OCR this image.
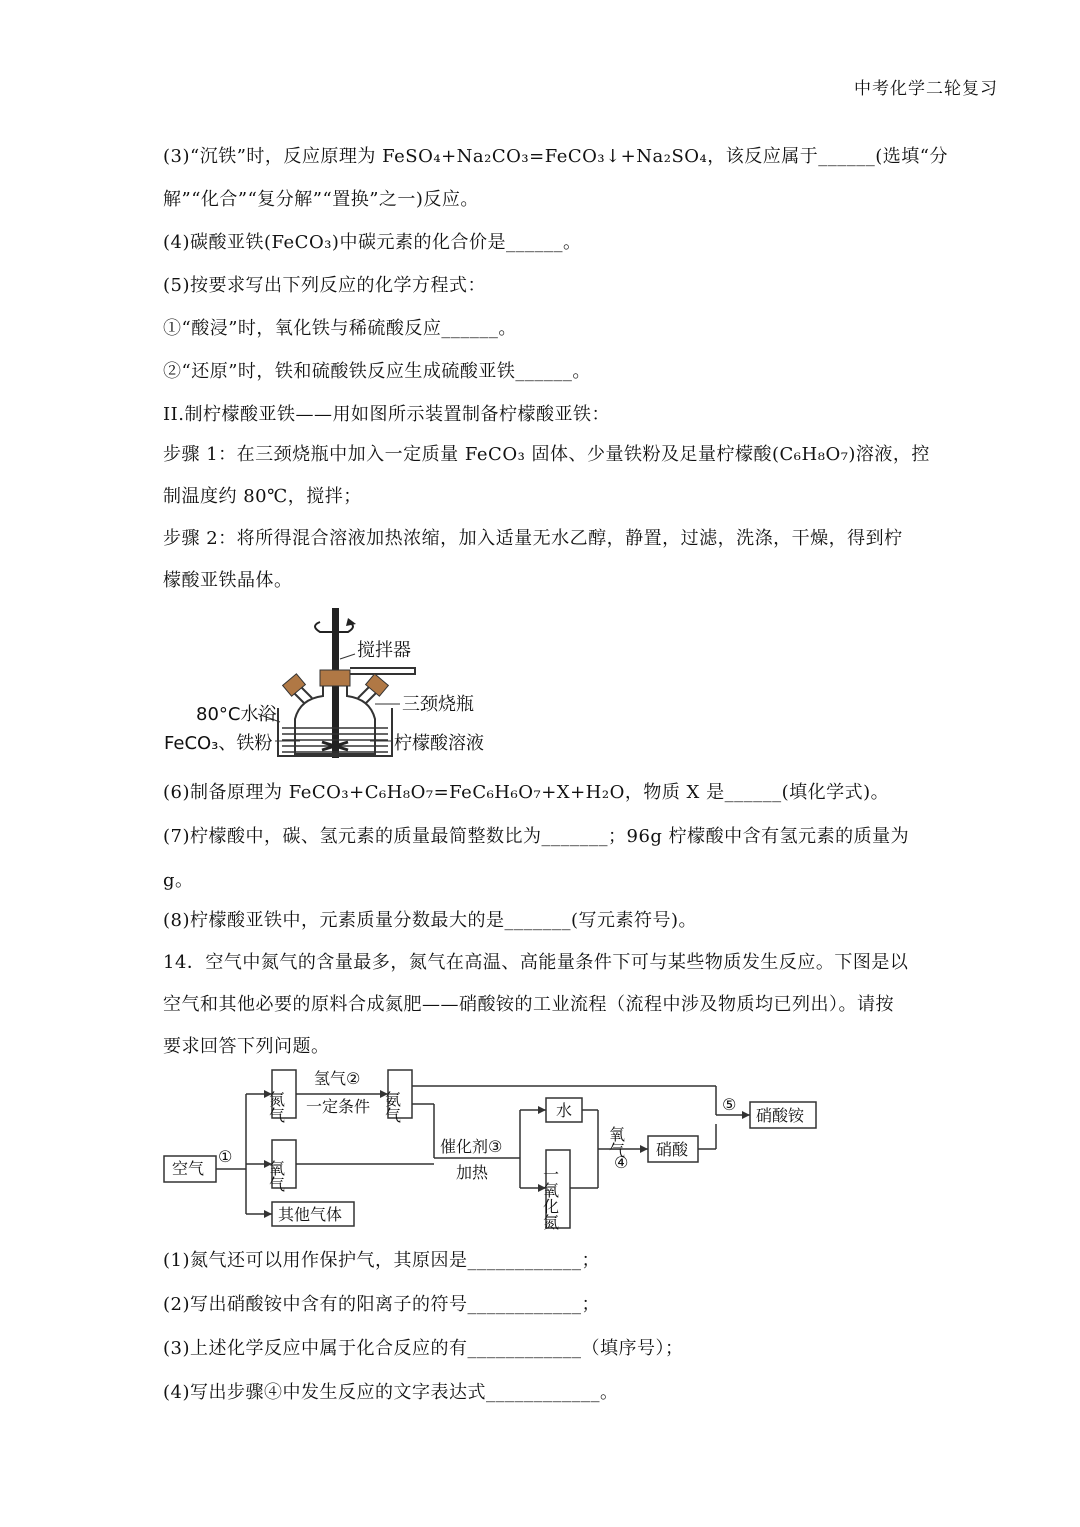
中考化学二轮复习
(3)“沉铁”时，反应原理为 FeSO₄+Na₂CO₃=FeCO₃↓+Na₂SO₄，该反应属于______(选填“分
解”“化合”“复分解”“置换”之一)反应。
(4)碳酸亚铁(FeCO₃)中碳元素的化合价是______。
(5)按要求写出下列反应的化学方程式：
①“酸浸”时，氧化铁与稀硫酸反应______。
②“还原”时，铁和硫酸铁反应生成硫酸亚铁______。
II.制柠檬酸亚铁——用如图所示装置制备柠檬酸亚铁：
步骤 1：在三颈烧瓶中加入一定质量 FeCO₃ 固体、少量铁粉及足量柠檬酸(C₆H₈O₇)溶液，控
制温度约 80℃，搅拌；
步骤 2：将所得混合溶液加热浓缩，加入适量无水乙醇，静置，过滤，洗涤，干燥，得到柠
檬酸亚铁晶体。
搅拌器
三颈烧瓶
80°C水浴
FeCO₃、铁粉	柠檬酸溶液
(6)制备原理为 FeCO₃+C₆H₈O₇=FeC₆H₆O₇+X+H₂O，物质 X 是______(填化学式)。
(7)柠檬酸中，碳、氢元素的质量最简整数比为_______；96g 柠檬酸中含有氢元素的质量为
g。
(8)柠檬酸亚铁中，元素质量分数最大的是_______(写元素符号)。
14．空气中氮气的含量最多，氮气在高温、高能量条件下可与某些物质发生反应。下图是以
空气和其他必要的原料合成氮肥——硝酸铵的工业流程（流程中涉及物质均已列出）。请按
要求回答下列问题。
空气
①
氮气
氧气
其他气体
氢气②
一定条件 氨气
催化剂③
加热
水
一氧化氮
氧气
④
硝酸
⑤
硝酸铵
(1)氮气还可以用作保护气，其原因是____________；
(2)写出硝酸铵中含有的阳离子的符号____________；
(3)上述化学反应中属于化合反应的有____________（填序号）；
(4)写出步骤④中发生反应的文字表达式____________。
